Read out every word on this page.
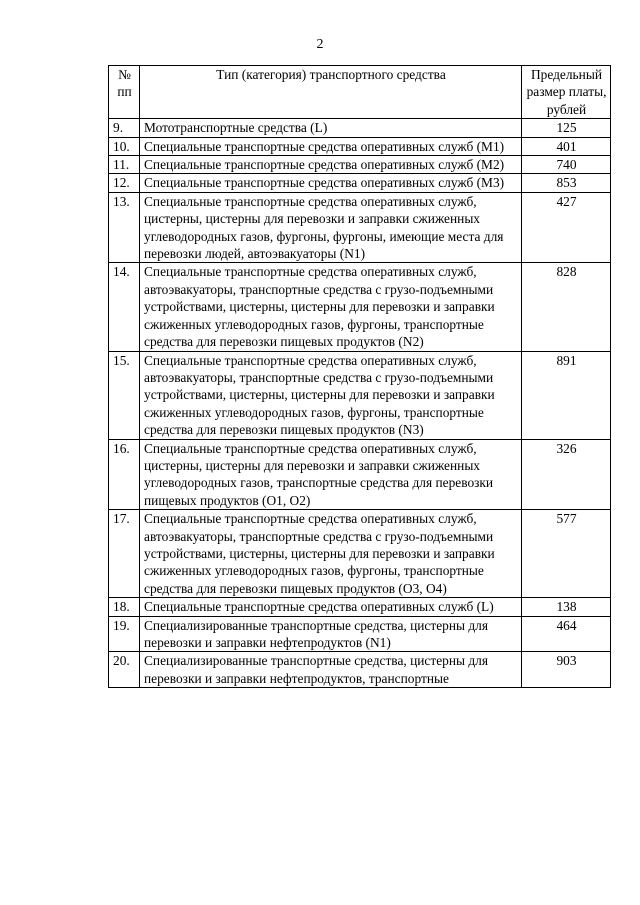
2
№ пп	Тип (категория) транспортного средства	Предельный размер платы, рублей
9.	Мототранспортные средства (L)	125
10.	Специальные транспортные средства оперативных служб (М1)	401
11.	Специальные транспортные средства оперативных служб (М2)	740
12.	Специальные транспортные средства оперативных служб (М3)	853
13.	Специальные транспортные средства оперативных служб, цистерны, цистерны для перевозки и заправки сжиженных углеводородных газов, фургоны, фургоны, имеющие места для перевозки людей, автоэвакуаторы (N1)	427
14.	Специальные транспортные средства оперативных служб, автоэвакуаторы, транспортные средства с грузо-подъемными устройствами, цистерны, цистерны для перевозки и заправки сжиженных углеводородных газов, фургоны, транспортные средства для перевозки пищевых продуктов (N2)	828
15.	Специальные транспортные средства оперативных служб, автоэвакуаторы, транспортные средства с грузо-подъемными устройствами, цистерны, цистерны для перевозки и заправки сжиженных углеводородных газов, фургоны, транспортные средства для перевозки пищевых продуктов (N3)	891
16.	Специальные транспортные средства оперативных служб, цистерны, цистерны для перевозки и заправки сжиженных углеводородных газов, транспортные средства для перевозки пищевых продуктов (O1, O2)	326
17.	Специальные транспортные средства оперативных служб, автоэвакуаторы, транспортные средства с грузо-подъемными устройствами, цистерны, цистерны для перевозки и заправки сжиженных углеводородных газов, фургоны, транспортные средства для перевозки пищевых продуктов (O3, O4)	577
18.	Специальные транспортные средства оперативных служб (L)	138
19.	Специализированные транспортные средства, цистерны для перевозки и заправки нефтепродуктов (N1)	464
20.	Специализированные транспортные средства, цистерны для перевозки и заправки нефтепродуктов, транспортные	903
